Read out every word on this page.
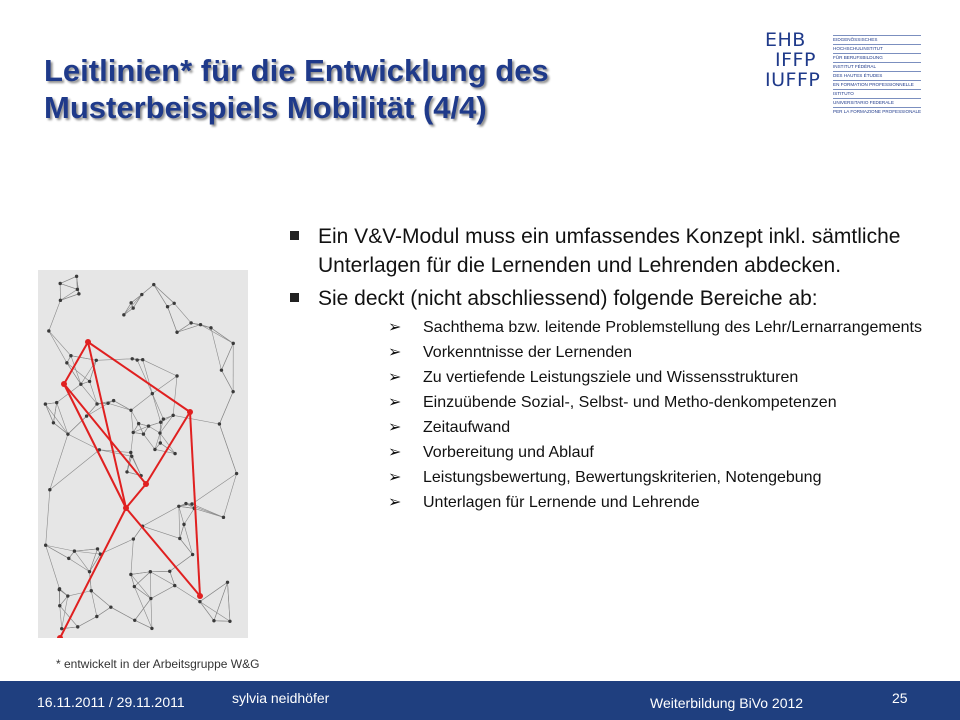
Leitlinien* für die Entwicklung des
Musterbeispiels Mobilität (4/4)
EHB
IFFP
IUFFP
EIDGENÖSSISCHES
HOCHSCHULINSTITUT
FÜR BERUFSBILDUNG
INSTITUT FÉDÉRAL
DES HAUTES ÉTUDES
EN FORMATION PROFESSIONNELLE
ISTITUTO
UNIVERSITARIO FEDERALE
PER LA FORMAZIONE PROFESSIONALE
Ein V&V-Modul muss ein umfassendes Konzept inkl. sämtliche Unterlagen für die Lernenden und Lehrenden abdecken.
Sie deckt (nicht abschliessend) folgende Bereiche ab:
➢ Sachthema bzw. leitende Problemstellung des Lehr/Lernarrangements
➢ Vorkenntnisse der Lernenden
➢ Zu vertiefende Leistungsziele und Wissensstrukturen
➢ Einzuübende Sozial-, Selbst- und Metho-denkompetenzen
➢ Zeitaufwand
➢ Vorbereitung und Ablauf
➢ Leistungsbewertung, Bewertungskriterien, Notengebung
➢ Unterlagen für Lernende und Lehrende
* entwickelt in der Arbeitsgruppe W&G
16.11.2011 / 29.11.2011	sylvia neidhöfer	Weiterbildung BiVo 2012	25
